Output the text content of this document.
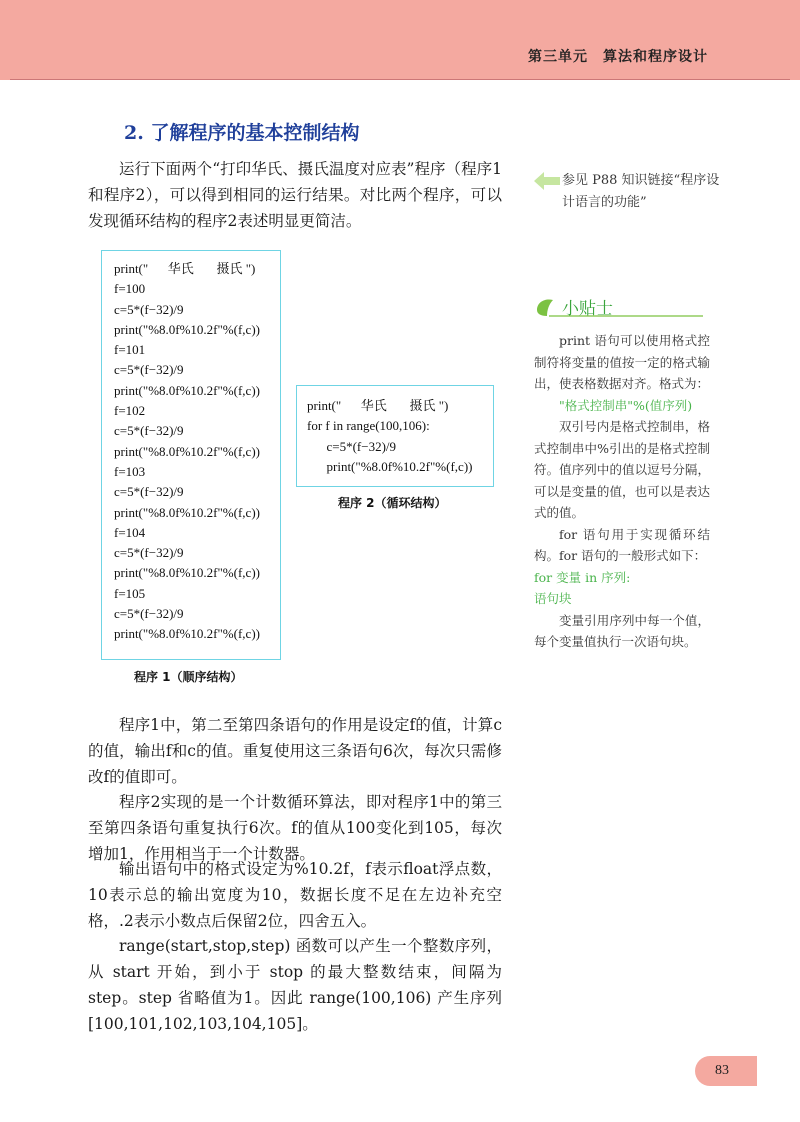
第三单元　算法和程序设计
2. 了解程序的基本控制结构
运行下面两个“打印华氏、摄氏温度对应表”程序（程序1和程序2），可以得到相同的运行结果。对比两个程序，可以发现循环结构的程序2表述明显更简洁。
参见 P88 知识链接“程序设计语言的功能”
print("      华氏       摄氏 ")
f=100
c=5*(f−32)/9
print("%8.0f%10.2f"%(f,c))
f=101
c=5*(f−32)/9
print("%8.0f%10.2f"%(f,c))
f=102
c=5*(f−32)/9
print("%8.0f%10.2f"%(f,c))
f=103
c=5*(f−32)/9
print("%8.0f%10.2f"%(f,c))
f=104
c=5*(f−32)/9
print("%8.0f%10.2f"%(f,c))
f=105
c=5*(f−32)/9
print("%8.0f%10.2f"%(f,c))
程序 1（顺序结构）
print("      华氏       摄氏 ")
for f in range(100,106):
c=5*(f−32)/9
print("%8.0f%10.2f"%(f,c))
程序 2（循环结构）
程序1中，第二至第四条语句的作用是设定f的值，计算c的值，输出f和c的值。重复使用这三条语句6次，每次只需修改f的值即可。
程序2实现的是一个计数循环算法，即对程序1中的第三至第四条语句重复执行6次。f的值从100变化到105，每次增加1，作用相当于一个计数器。
输出语句中的格式设定为%10.2f，f表示float浮点数，10表示总的输出宽度为10，数据长度不足在左边补充空格，.2表示小数点后保留2位，四舍五入。
range(start,stop,step) 函数可以产生一个整数序列，从 start 开始，到小于 stop 的最大整数结束，间隔为 step。step 省略值为1。因此 range(100,106) 产生序列 [100,101,102,103,104,105]。
小贴士

print 语句可以使用格式控制符将变量的值按一定的格式输出，使表格数据对齐。格式为：

"格式控制串"%(值序列)

双引号内是格式控制串，格式控制串中%引出的是格式控制符。值序列中的值以逗号分隔，可以是变量的值，也可以是表达式的值。

for 语句用于实现循环结构。for 语句的一般形式如下：

for 变量 in 序列:

语句块

变量引用序列中每一个值，每个变量值执行一次语句块。

83
